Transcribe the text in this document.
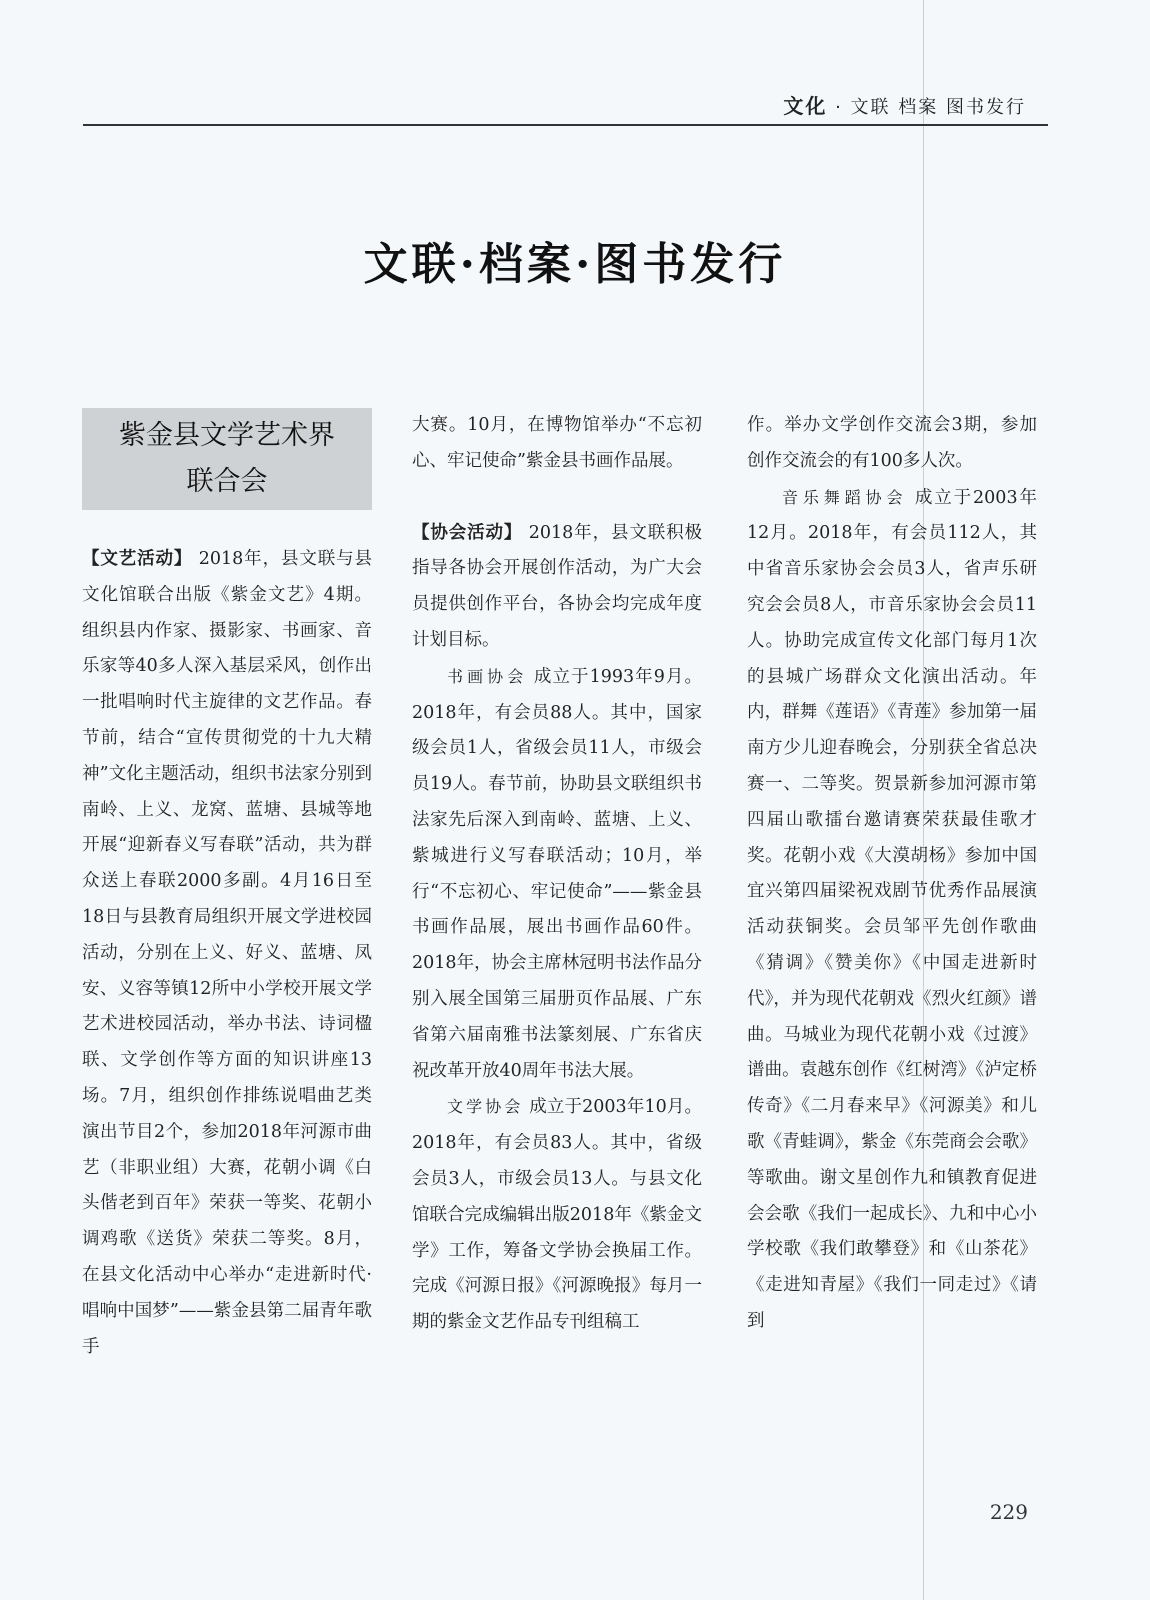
文化 · 文联 档案 图书发行
文联·档案·图书发行
紫金县文学艺术界
联合会

【文艺活动】 2018年，县文联与县文化馆联合出版《紫金文艺》4期。组织县内作家、摄影家、书画家、音乐家等40多人深入基层采风，创作出一批唱响时代主旋律的文艺作品。春节前，结合“宣传贯彻党的十九大精神”文化主题活动，组织书法家分别到南岭、上义、龙窝、蓝塘、县城等地开展“迎新春义写春联”活动，共为群众送上春联2000多副。4月16日至18日与县教育局组织开展文学进校园活动，分别在上义、好义、蓝塘、凤安、义容等镇12所中小学校开展文学艺术进校园活动，举办书法、诗词楹联、文学创作等方面的知识讲座13场。7月，组织创作排练说唱曲艺类演出节目2个，参加2018年河源市曲艺（非职业组）大赛，花朝小调《白头偕老到百年》荣获一等奖、花朝小调鸡歌《送货》荣获二等奖。8月，在县文化活动中心举办“走进新时代·唱响中国梦”——紫金县第二届青年歌手

大赛。10月，在博物馆举办“不忘初心、牢记使命”紫金县书画作品展。

【协会活动】 2018年，县文联积极指导各协会开展创作活动，为广大会员提供创作平台，各协会均完成年度计划目标。

书画协会 成立于1993年9月。2018年，有会员88人。其中，国家级会员1人，省级会员11人，市级会员19人。春节前，协助县文联组织书法家先后深入到南岭、蓝塘、上义、紫城进行义写春联活动；10月，举行“不忘初心、牢记使命”——紫金县书画作品展，展出书画作品60件。2018年，协会主席林冠明书法作品分别入展全国第三届册页作品展、广东省第六届南雅书法篆刻展、广东省庆祝改革开放40周年书法大展。

文学协会 成立于2003年10月。2018年，有会员83人。其中，省级会员3人，市级会员13人。与县文化馆联合完成编辑出版2018年《紫金文学》工作，筹备文学协会换届工作。完成《河源日报》《河源晚报》每月一期的紫金文艺作品专刊组稿工

作。举办文学创作交流会3期，参加创作交流会的有100多人次。

音乐舞蹈协会 成立于2003年12月。2018年，有会员112人，其中省音乐家协会会员3人，省声乐研究会会员8人，市音乐家协会会员11人。协助完成宣传文化部门每月1次的县城广场群众文化演出活动。年内，群舞《莲语》《青莲》参加第一届南方少儿迎春晚会，分别获全省总决赛一、二等奖。贺景新参加河源市第四届山歌擂台邀请赛荣获最佳歌才奖。花朝小戏《大漠胡杨》参加中国宜兴第四届梁祝戏剧节优秀作品展演活动获铜奖。会员邹平先创作歌曲《猜调》《赞美你》《中国走进新时代》，并为现代花朝戏《烈火红颜》谱曲。马城业为现代花朝小戏《过渡》谱曲。袁越东创作《红树湾》《泸定桥传奇》《二月春来早》《河源美》和儿歌《青蛙调》，紫金《东莞商会会歌》等歌曲。谢文星创作九和镇教育促进会会歌《我们一起成长》、九和中心小学校歌《我们敢攀登》和《山茶花》《走进知青屋》《我们一同走过》《请到

229
